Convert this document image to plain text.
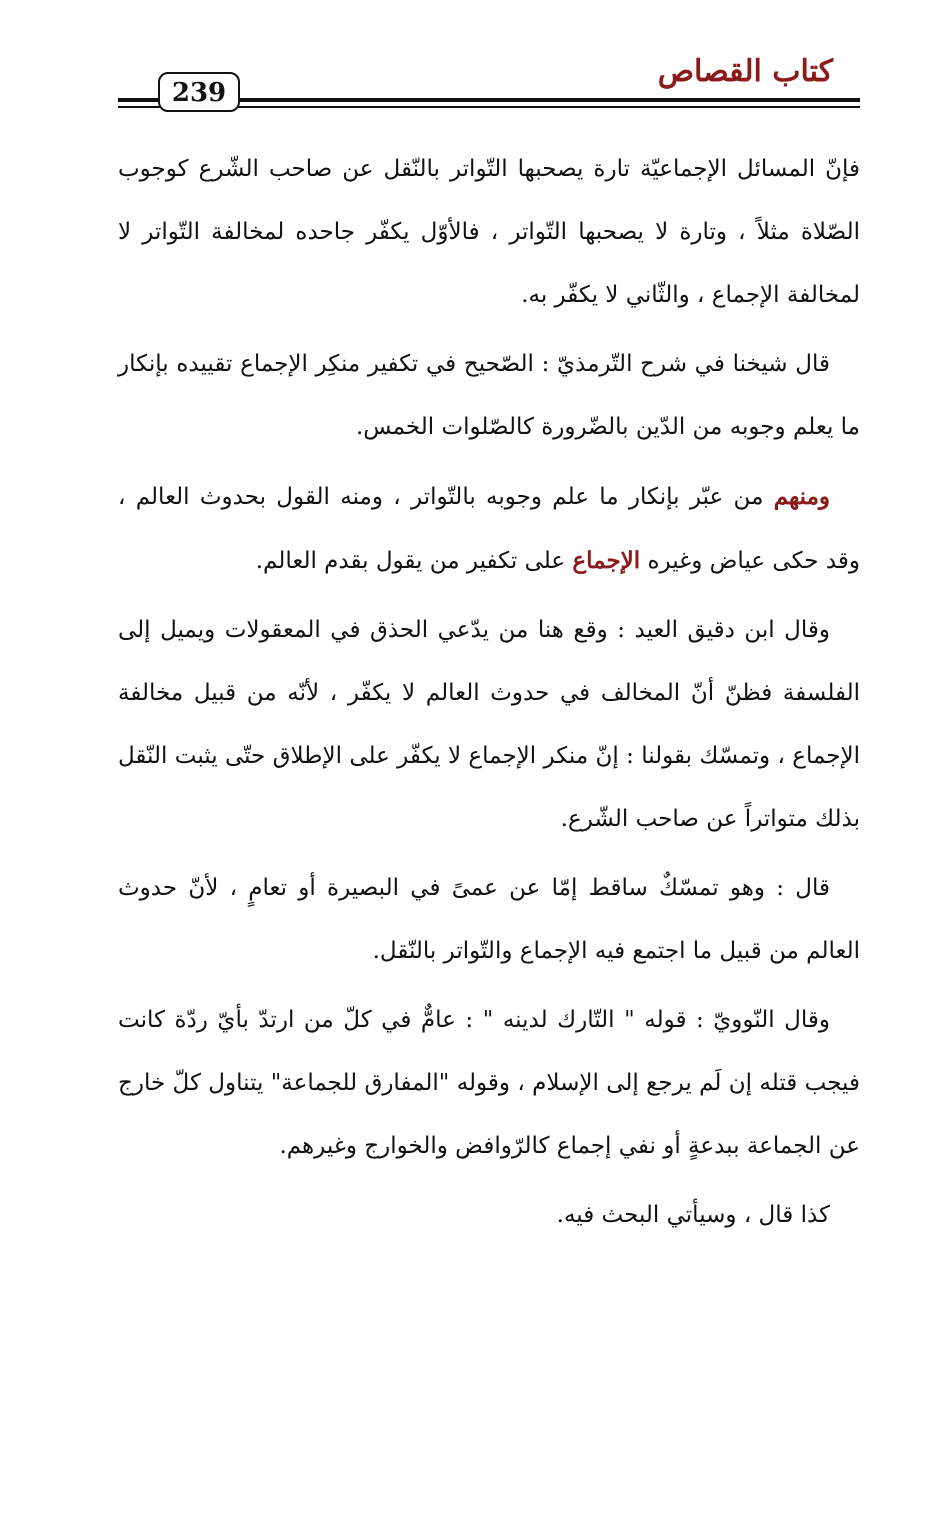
كتاب القصاص
239

فإنّ المسائل الإجماعيّة تارة يصحبها التّواتر بالنّقل عن صاحب الشّرع كوجوب الصّلاة مثلاً ، وتارة لا يصحبها التّواتر ، فالأوّل يكفّر جاحده لمخالفة التّواتر لا لمخالفة الإجماع ، والثّاني لا يكفّر به.

قال شيخنا في شرح التّرمذيّ : الصّحيح في تكفير منكِر الإجماع تقييده بإنكار ما يعلم وجوبه من الدّين بالضّرورة كالصّلوات الخمس.

ومنهم من عبّر بإنكار ما علم وجوبه بالتّواتر ، ومنه القول بحدوث العالم ، وقد حكى عياض وغيره الإجماع على تكفير من يقول بقدم العالم.

وقال ابن دقيق العيد : وقع هنا من يدّعي الحذق في المعقولات ويميل إلى الفلسفة فظنّ أنّ المخالف في حدوث العالم لا يكفّر ، لأنّه من قبيل مخالفة الإجماع ، وتمسّك بقولنا : إنّ منكر الإجماع لا يكفّر على الإطلاق حتّى يثبت النّقل بذلك متواتراً عن صاحب الشّرع.

قال : وهو تمسّكٌ ساقط إمّا عن عمىً في البصيرة أو تعامٍ ، لأنّ حدوث العالم من قبيل ما اجتمع فيه الإجماع والتّواتر بالنّقل.

وقال النّوويّ : قوله " التّارك لدينه " : عامٌّ في كلّ من ارتدّ بأيّ ردّة كانت فيجب قتله إن لَم يرجع إلى الإسلام ، وقوله "المفارق للجماعة" يتناول كلّ خارج عن الجماعة ببدعةٍ أو نفي إجماع كالرّوافض والخوارج وغيرهم.

كذا قال ، وسيأتي البحث فيه.
